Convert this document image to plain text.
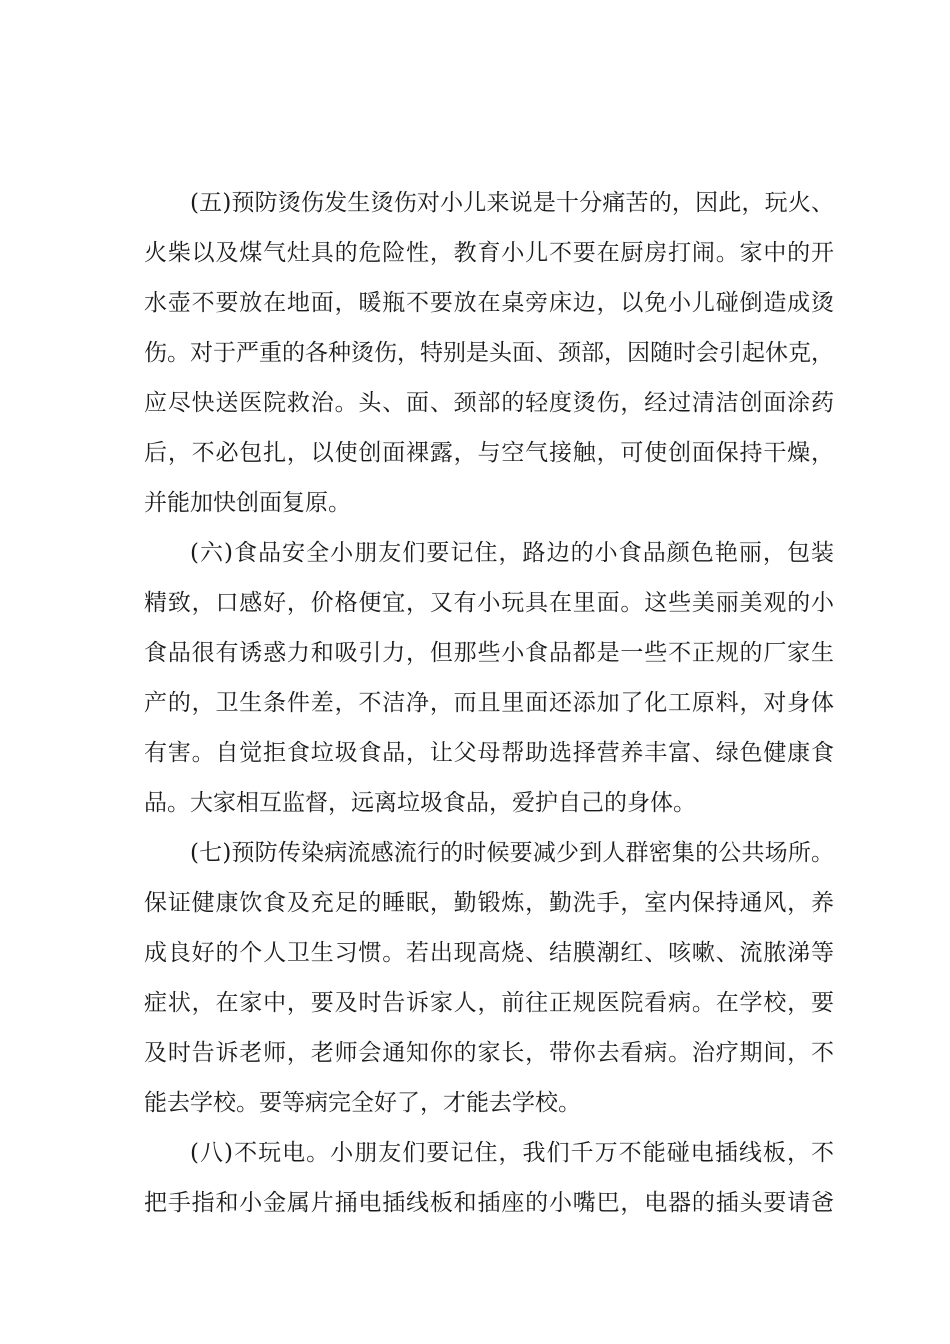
(五)预防烫伤发生烫伤对小儿来说是十分痛苦的，因此，玩火、
火柴以及煤气灶具的危险性，教育小儿不要在厨房打闹。家中的开
水壶不要放在地面，暖瓶不要放在桌旁床边，以免小儿碰倒造成烫
伤。对于严重的各种烫伤，特别是头面、颈部，因随时会引起休克，
应尽快送医院救治。头、面、颈部的轻度烫伤，经过清洁创面涂药
后，不必包扎，以使创面裸露，与空气接触，可使创面保持干燥，
并能加快创面复原。
(六)食品安全小朋友们要记住，路边的小食品颜色艳丽，包装
精致，口感好，价格便宜，又有小玩具在里面。这些美丽美观的小
食品很有诱惑力和吸引力，但那些小食品都是一些不正规的厂家生
产的，卫生条件差，不洁净，而且里面还添加了化工原料，对身体
有害。自觉拒食垃圾食品，让父母帮助选择营养丰富、绿色健康食
品。大家相互监督，远离垃圾食品，爱护自己的身体。
(七)预防传染病流感流行的时候要减少到人群密集的公共场所。
保证健康饮食及充足的睡眠，勤锻炼，勤洗手，室内保持通风，养
成良好的个人卫生习惯。若出现高烧、结膜潮红、咳嗽、流脓涕等
症状，在家中，要及时告诉家人，前往正规医院看病。在学校，要
及时告诉老师，老师会通知你的家长，带你去看病。治疗期间，不
能去学校。要等病完全好了，才能去学校。
(八)不玩电。小朋友们要记住，我们千万不能碰电插线板，不
把手指和小金属片捅电插线板和插座的小嘴巴，电器的插头要请爸
